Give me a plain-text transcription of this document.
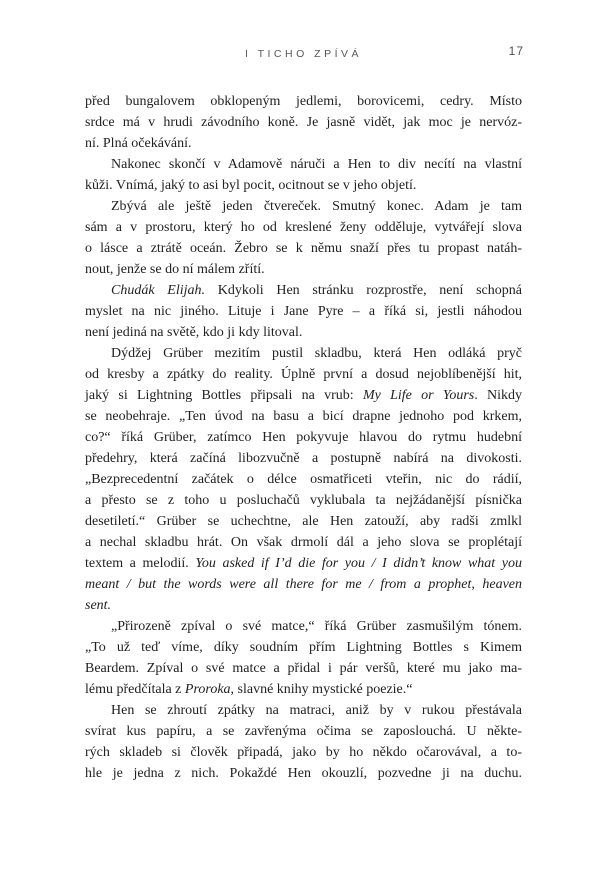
I TICHO ZPÍVÁ	17
před bungalovem obklopeným jedlemi, borovicemi, cedry. Místo
srdce má v hrudi závodního koně. Je jasně vidět, jak moc je nervóz-
ní. Plná očekávání.
Nakonec skončí v Adamově náruči a Hen to div necítí na vlastní
kůži. Vnímá, jaký to asi byl pocit, ocitnout se v jeho objetí.
Zbývá ale ještě jeden čtvereček. Smutný konec. Adam je tam
sám a v prostoru, který ho od kreslené ženy odděluje, vytvářejí slova
o lásce a ztrátě oceán. Žebro se k němu snaží přes tu propast natáh-
nout, jenže se do ní málem zřítí.
Chudák Elijah. Kdykoli Hen stránku rozprostře, není schopná
myslet na nic jiného. Lituje i Jane Pyre – a říká si, jestli náhodou
není jediná na světě, kdo ji kdy litoval.
Dýdžej Grüber mezitím pustil skladbu, která Hen odláká pryč
od kresby a zpátky do reality. Úplně první a dosud nejoblíbenější hit,
jaký si Lightning Bottles připsali na vrub: My Life or Yours. Nikdy
se neobehraje. „Ten úvod na basu a bicí drapne jednoho pod krkem,
co?“ říká Grüber, zatímco Hen pokyvuje hlavou do rytmu hudební
předehry, která začíná libozvučně a postupně nabírá na divokosti.
„Bezprecedentní začátek o délce osmatřiceti vteřin, nic do rádií,
a přesto se z toho u posluchačů vyklubala ta nejžádanější písnička
desetiletí.“ Grüber se uchechtne, ale Hen zatouží, aby radši zmlkl
a nechal skladbu hrát. On však drmolí dál a jeho slova se proplétají
textem a melodií. You asked if I’d die for you / I didn’t know what you
meant / but the words were all there for me / from a prophet, heaven
sent.
„Přirozeně zpíval o své matce,“ říká Grüber zasmušilým tónem.
„To už teď víme, díky soudním přím Lightning Bottles s Kimem
Beardem. Zpíval o své matce a přidal i pár veršů, které mu jako ma-
lému předčítala z Proroka, slavné knihy mystické poezie.“
Hen se zhroutí zpátky na matraci, aniž by v rukou přestávala
svírat kus papíru, a se zavřenýma očima se zaposlouchá. U někte-
rých skladeb si člověk připadá, jako by ho někdo očarovával, a to-
hle je jedna z nich. Pokaždé Hen okouzlí, pozvedne ji na duchu.
